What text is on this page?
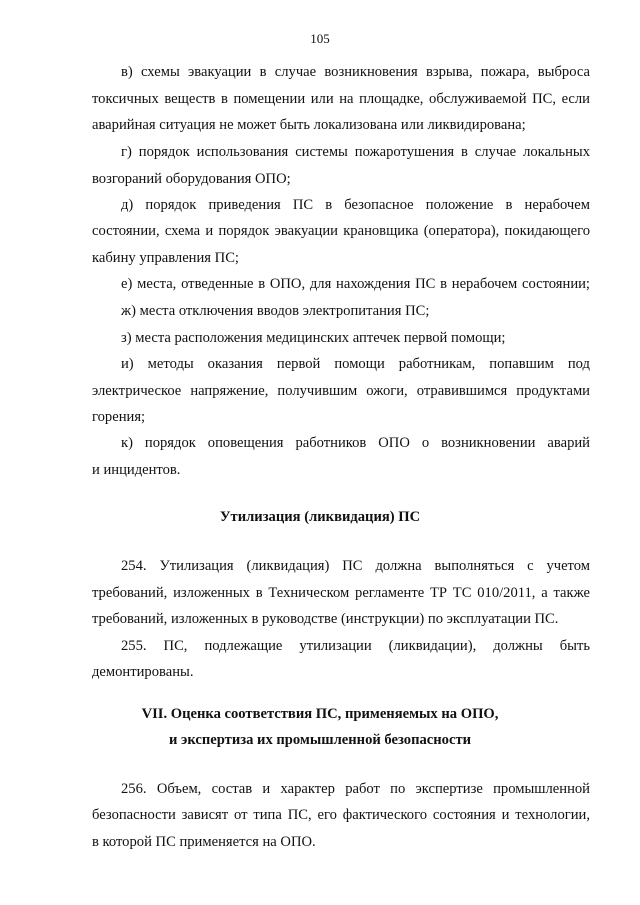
105
в) схемы эвакуации в случае возникновения взрыва, пожара, выброса
токсичных веществ в помещении или на площадке, обслуживаемой ПС, если
аварийная ситуация не может быть локализована или ликвидирована;
г) порядок использования системы пожаротушения в случае локальных
возгораний оборудования ОПО;
д) порядок приведения ПС в безопасное положение в нерабочем
состоянии, схема и порядок эвакуации крановщика (оператора), покидающего
кабину управления ПС;
е) места, отведенные в ОПО, для нахождения ПС в нерабочем состоянии;
ж) места отключения вводов электропитания ПС;
з) места расположения медицинских аптечек первой помощи;
и) методы оказания первой помощи работникам, попавшим под
электрическое напряжение, получившим ожоги, отравившимся продуктами
горения;
к) порядок оповещения работников ОПО о возникновении аварий
и инцидентов.
Утилизация (ликвидация) ПС
254. Утилизация (ликвидация) ПС должна выполняться с учетом
требований, изложенных в Техническом регламенте ТР ТС 010/2011, а также
требований, изложенных в руководстве (инструкции) по эксплуатации ПС.
255. ПС, подлежащие утилизации (ликвидации), должны быть
демонтированы.
VII. Оценка соответствия ПС, применяемых на ОПО,
и экспертиза их промышленной безопасности
256. Объем, состав и характер работ по экспертизе промышленной
безопасности зависят от типа ПС, его фактического состояния и технологии,
в которой ПС применяется на ОПО.
